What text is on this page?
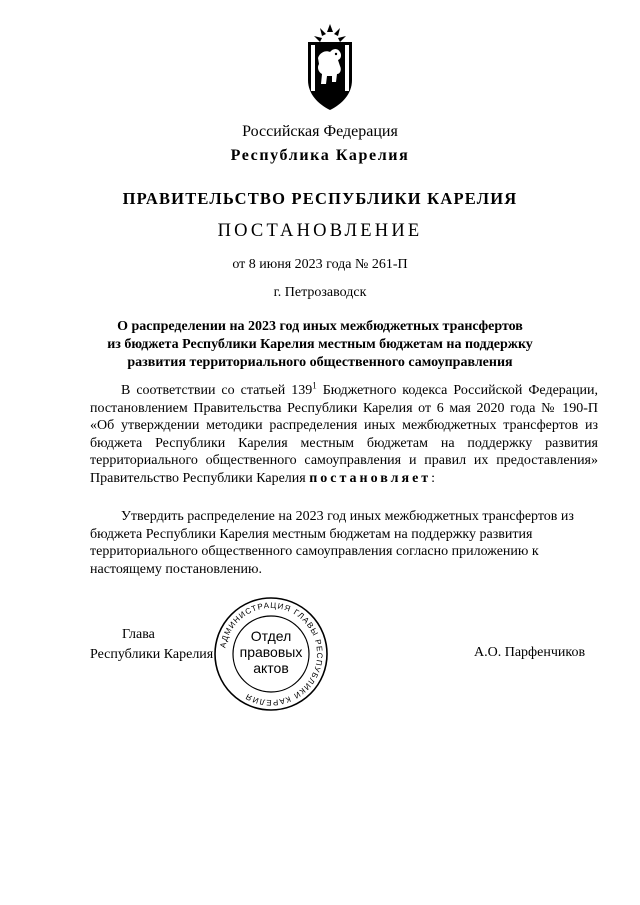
Российская Федерация
Республика Карелия
ПРАВИТЕЛЬСТВО РЕСПУБЛИКИ КАРЕЛИЯ
ПОСТАНОВЛЕНИЕ
от 8 июня 2023 года № 261-П
г. Петрозаводск
О распределении на 2023 год иных межбюджетных трансфертов
из бюджета Республики Карелия местным бюджетам на поддержку
развития территориального общественного самоуправления
В соответствии со статьей $139^1$ Бюджетного кодекса Российской Федерации, постановлением Правительства Республики Карелия от 6 мая 2020 года № 190-П «Об утверждении методики распределения иных межбюджетных трансфертов из бюджета Республики Карелия местным бюджетам на поддержку развития территориального общественного самоуправления и правил их предоставления» Правительство Республики Карелия постановляет:
Утвердить распределение на 2023 год иных межбюджетных трансфертов из бюджета Республики Карелия местным бюджетам на поддержку развития территориального общественного самоуправления согласно приложению к настоящему постановлению.
АДМИНИСТРАЦИЯ ГЛАВЫ РЕСПУБЛИКИ КАРЕЛИЯ
Отдел
правовых
актов
Глава
Республики Карелия	А.О. Парфенчиков
